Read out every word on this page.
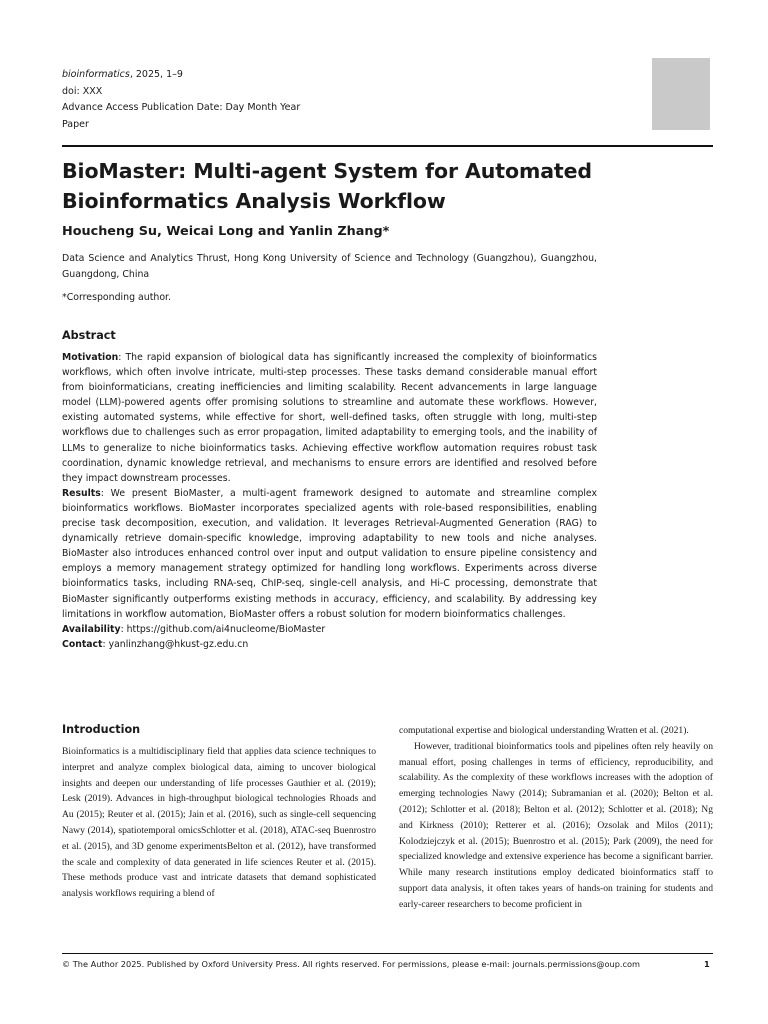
bioinformatics, 2025, 1–9
doi: XXX
Advance Access Publication Date: Day Month Year
Paper
BioMaster: Multi-agent System for Automated Bioinformatics Analysis Workflow
Houcheng Su, Weicai Long and Yanlin Zhang*
Data Science and Analytics Thrust, Hong Kong University of Science and Technology (Guangzhou), Guangzhou, Guangdong, China
*Corresponding author.
Abstract

Motivation: The rapid expansion of biological data has significantly increased the complexity of bioinformatics workflows, which often involve intricate, multi-step processes. These tasks demand considerable manual effort from bioinformaticians, creating inefficiencies and limiting scalability. Recent advancements in large language model (LLM)-powered agents offer promising solutions to streamline and automate these workflows. However, existing automated systems, while effective for short, well-defined tasks, often struggle with long, multi-step workflows due to challenges such as error propagation, limited adaptability to emerging tools, and the inability of LLMs to generalize to niche bioinformatics tasks. Achieving effective workflow automation requires robust task coordination, dynamic knowledge retrieval, and mechanisms to ensure errors are identified and resolved before they impact downstream processes.

Results: We present BioMaster, a multi-agent framework designed to automate and streamline complex bioinformatics workflows. BioMaster incorporates specialized agents with role-based responsibilities, enabling precise task decomposition, execution, and validation. It leverages Retrieval-Augmented Generation (RAG) to dynamically retrieve domain-specific knowledge, improving adaptability to new tools and niche analyses. BioMaster also introduces enhanced control over input and output validation to ensure pipeline consistency and employs a memory management strategy optimized for handling long workflows. Experiments across diverse bioinformatics tasks, including RNA-seq, ChIP-seq, single-cell analysis, and Hi-C processing, demonstrate that BioMaster significantly outperforms existing methods in accuracy, efficiency, and scalability. By addressing key limitations in workflow automation, BioMaster offers a robust solution for modern bioinformatics challenges.

Availability: https://github.com/ai4nucleome/BioMaster

Contact: yanlinzhang@hkust-gz.edu.cn

Introduction

Bioinformatics is a multidisciplinary field that applies data science techniques to interpret and analyze complex biological data, aiming to uncover biological insights and deepen our understanding of life processes Gauthier et al. (2019); Lesk (2019). Advances in high-throughput biological technologies Rhoads and Au (2015); Reuter et al. (2015); Jain et al. (2016), such as single-cell sequencing Nawy (2014), spatiotemporal omicsSchlotter et al. (2018), ATAC-seq Buenrostro et al. (2015), and 3D genome experimentsBelton et al. (2012), have transformed the scale and complexity of data generated in life sciences Reuter et al. (2015). These methods produce vast and intricate datasets that demand sophisticated analysis workflows requiring a blend of

computational expertise and biological understanding Wratten et al. (2021).

However, traditional bioinformatics tools and pipelines often rely heavily on manual effort, posing challenges in terms of efficiency, reproducibility, and scalability. As the complexity of these workflows increases with the adoption of emerging technologies Nawy (2014); Subramanian et al. (2020); Belton et al. (2012); Schlotter et al. (2018); Belton et al. (2012); Schlotter et al. (2018); Ng and Kirkness (2010); Retterer et al. (2016); Ozsolak and Milos (2011); Kolodziejczyk et al. (2015); Buenrostro et al. (2015); Park (2009), the need for specialized knowledge and extensive experience has become a significant barrier. While many research institutions employ dedicated bioinformatics staff to support data analysis, it often takes years of hands-on training for students and early-career researchers to become proficient in

© The Author 2025. Published by Oxford University Press. All rights reserved. For permissions, please e-mail: journals.permissions@oup.com	1
